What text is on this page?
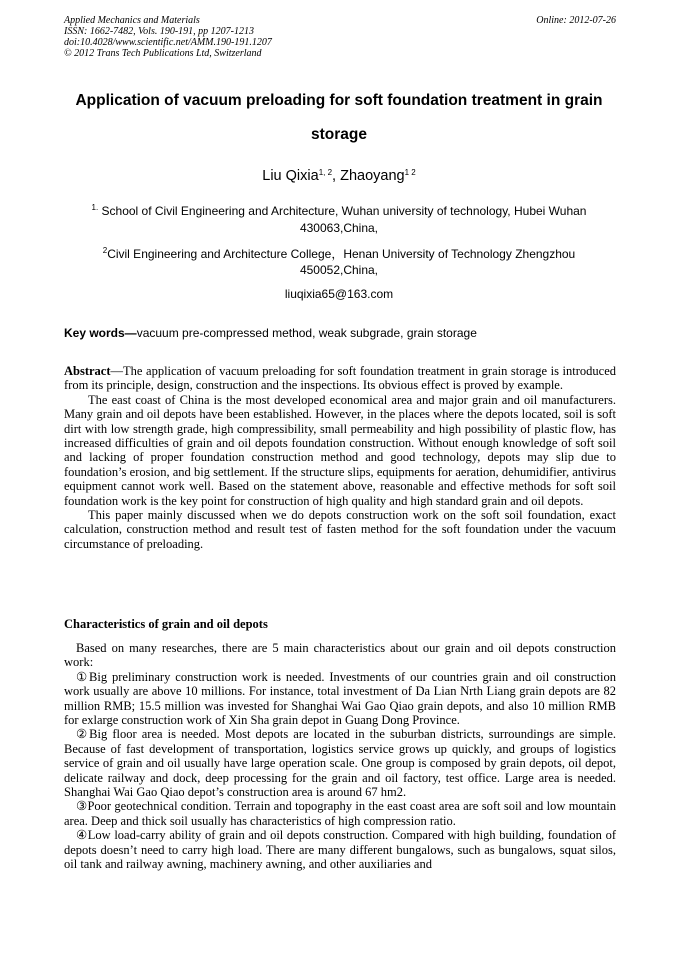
Applied Mechanics and Materials
ISSN: 1662-7482, Vols. 190-191, pp 1207-1213
doi:10.4028/www.scientific.net/AMM.190-191.1207
© 2012 Trans Tech Publications Ltd, Switzerland
Online: 2012-07-26
Application of vacuum preloading for soft foundation treatment in grain
storage
Liu Qixia$^{1, 2}$, Zhaoyang$^{1 2}$
$^{1.}$ School of Civil Engineering and Architecture, Wuhan university of technology, Hubei Wuhan
430063,China,
$^2$Civil Engineering and Architecture College，Henan University of Technology Zhengzhou
450052,China,
liuqixia65@163.com
Key words—vacuum pre-compressed method, weak subgrade, grain storage

Abstract—The application of vacuum preloading for soft foundation treatment in grain storage is introduced from its principle, design, construction and the inspections. Its obvious effect is proved by example.

The east coast of China is the most developed economical area and major grain and oil manufacturers. Many grain and oil depots have been established. However, in the places where the depots located, soil is soft dirt with low strength grade, high compressibility, small permeability and high possibility of plastic flow, has increased difficulties of grain and oil depots foundation construction. Without enough knowledge of soft soil and lacking of proper foundation construction method and good technology, depots may slip due to foundation’s erosion, and big settlement. If the structure slips, equipments for aeration, dehumidifier, antivirus equipment cannot work well. Based on the statement above, reasonable and effective methods for soft soil foundation work is the key point for construction of high quality and high standard grain and oil depots.

This paper mainly discussed when we do depots construction work on the soft soil foundation, exact calculation, construction method and result test of fasten method for the soft foundation under the vacuum circumstance of preloading.

Characteristics of grain and oil depots

Based on many researches, there are 5 main characteristics about our grain and oil depots construction work:

①Big preliminary construction work is needed. Investments of our countries grain and oil construction work usually are above 10 millions. For instance, total investment of Da Lian Nrth Liang grain depots are 82 million RMB; 15.5 million was invested for Shanghai Wai Gao Qiao grain depots, and also 10 million RMB for exlarge construction work of Xin Sha grain depot in Guang Dong Province.

②Big floor area is needed. Most depots are located in the suburban districts, surroundings are simple. Because of fast development of transportation, logistics service grows up quickly, and groups of logistics service of grain and oil usually have large operation scale. One group is composed by grain depots, oil depot, delicate railway and dock, deep processing for the grain and oil factory, test office. Large area is needed. Shanghai Wai Gao Qiao depot’s construction area is around 67 hm2.

③Poor geotechnical condition. Terrain and topography in the east coast area are soft soil and low mountain area. Deep and thick soil usually has characteristics of high compression ratio.

④Low load-carry ability of grain and oil depots construction. Compared with high building, foundation of depots doesn’t need to carry high load. There are many different bungalows, such as bungalows, squat silos, oil tank and railway awning, machinery awning, and other auxiliaries and
